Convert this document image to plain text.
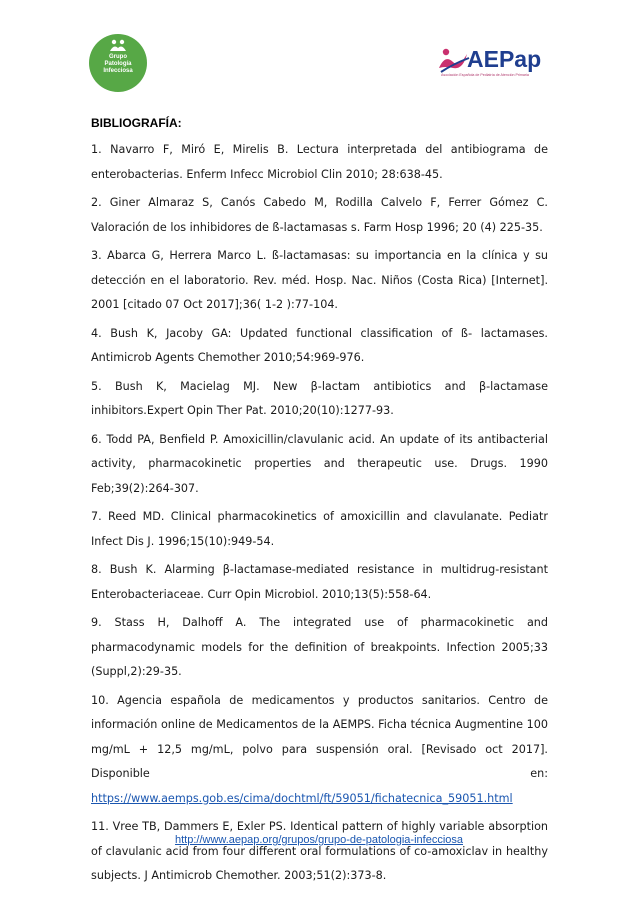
Grupo
Patología
Infecciosa	AEPap
Asociación Española de Pediatría de Atención Primaria
BIBLIOGRAFÍA:

1. Navarro F, Miró E, Mirelis B. Lectura interpretada del antibiograma de enterobacterias. Enferm Infecc Microbiol Clin 2010; 28:638-45.

2. Giner Almaraz S, Canós Cabedo M, Rodilla Calvelo F, Ferrer Gómez C. Valoración de los inhibidores de ß-lactamasas s. Farm Hosp 1996; 20 (4) 225-35.

3. Abarca G, Herrera Marco L. ß-lactamasas: su importancia en la clínica y su detección en el laboratorio. Rev. méd. Hosp. Nac. Niños (Costa Rica) [Internet]. 2001 [citado 07 Oct 2017];36( 1-2 ):77-104.

4. Bush K, Jacoby GA: Updated functional classification of ß- lactamases. Antimicrob Agents Chemother 2010;54:969-976.

5. Bush K, Macielag MJ. New β-lactam antibiotics and β-lactamase inhibitors.Expert Opin Ther Pat. 2010;20(10):1277-93.

6. Todd PA, Benfield P. Amoxicillin/clavulanic acid. An update of its antibacterial activity, pharmacokinetic properties and therapeutic use. Drugs. 1990 Feb;39(2):264-307.

7. Reed MD. Clinical pharmacokinetics of amoxicillin and clavulanate. Pediatr Infect Dis J. 1996;15(10):949-54.

8. Bush K. Alarming β-lactamase-mediated resistance in multidrug-resistant Enterobacteriaceae. Curr Opin Microbiol. 2010;13(5):558-64.

9. Stass H, Dalhoff A. The integrated use of pharmacokinetic and pharmacodynamic models for the definition of breakpoints. Infection 2005;33 (Suppl,2):29-35.

10. Agencia española de medicamentos y productos sanitarios. Centro de información online de Medicamentos de la AEMPS. Ficha técnica Augmentine 100 mg/mL + 12,5 mg/mL, polvo para suspensión oral. [Revisado oct 2017]. Disponible en: https://www.aemps.gob.es/cima/dochtml/ft/59051/fichatecnica_59051.html

11. Vree TB, Dammers E, Exler PS. Identical pattern of highly variable absorption of clavulanic acid from four different oral formulations of co-amoxiclav in healthy subjects. J Antimicrob Chemother. 2003;51(2):373-8.

http://www.aepap.org/grupos/grupo-de-patologia-infecciosa
